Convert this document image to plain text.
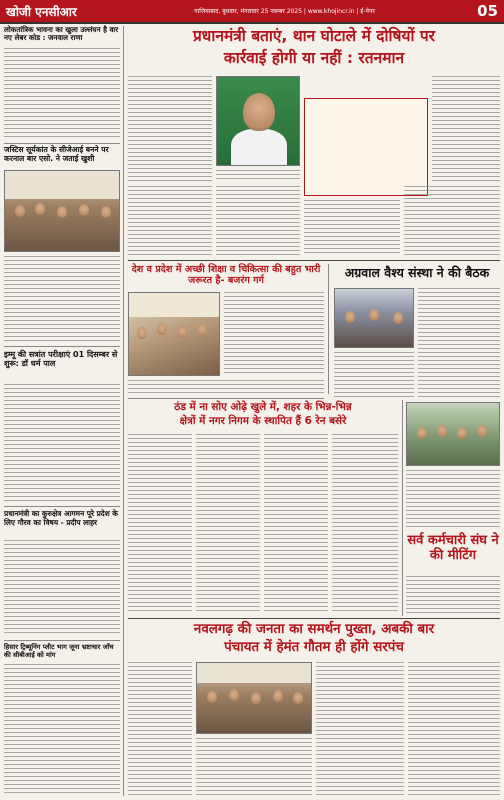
खोजी एनसीआर	गाजियाबाद, बुधवार, मंगलवार 25 नवम्बर 2025 | www.khojincr.in | ई-पेपर	05
लोकतांत्रिक भावना का खुला उल्लंघन है वार नए लेबर कोड : जनवाल राणा
जस्टिस सूर्यकांत के सीजेआई बनने पर करनाल बार एसो. ने जताई खुशी
इम्मू की सत्रांत परीक्षाएं 01 दिसम्बर से शुरू: डॉ धर्म पाल
प्रधानमंत्री का कुरुक्षेत्र आगमन पूरे प्रदेश के लिए गौरव का विषय - प्रदीप लाहर
हिसार ट्रिब्यूनिंग प्लीट भाग जूना भ्रष्टाचार जाँच की सीबीआई को मांग
प्रधानमंत्री बताएं, थान घोटाले में दोषियों पर
कार्रवाई होगी या नहीं : रतनमान
देश व प्रदेश में अच्छी शिक्षा व चिकित्सा की बहुत भारी जरूरत है- बजरंग गर्ग
अग्रवाल वैश्य संस्था ने की बैठक
ठंड में ना सोए ओढ़े खुले में, शहर के भिन्न-भिन्न
क्षेत्रों में नगर निगम के स्थापित हैं 6 रेन बसेरे
सर्व कर्मचारी संघ ने की मीटिंग
नवलगढ़ की जनता का समर्थन पुख्ता, अबकी बार
पंचायत में हेमंत गौतम ही होंगे सरपंच
